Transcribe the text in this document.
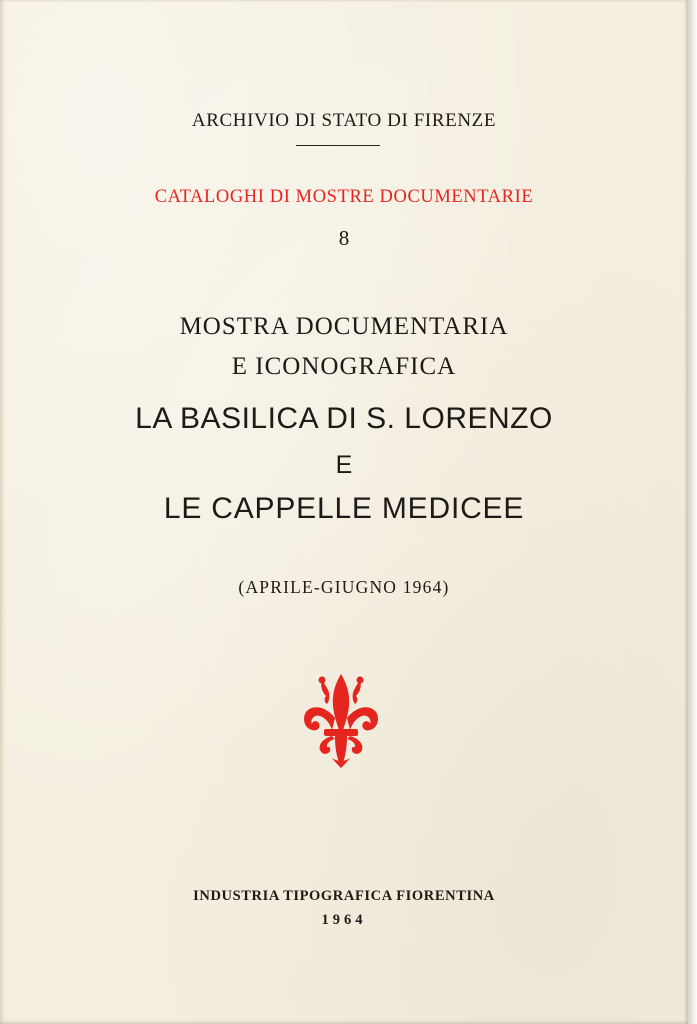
ARCHIVIO DI STATO DI FIRENZE
CATALOGHI DI MOSTRE DOCUMENTARIE
8
MOSTRA DOCUMENTARIA
E ICONOGRAFICA
LA BASILICA DI S. LORENZO
E
LE CAPPELLE MEDICEE
(APRILE-GIUGNO 1964)
INDUSTRIA TIPOGRAFICA FIORENTINA
1964
